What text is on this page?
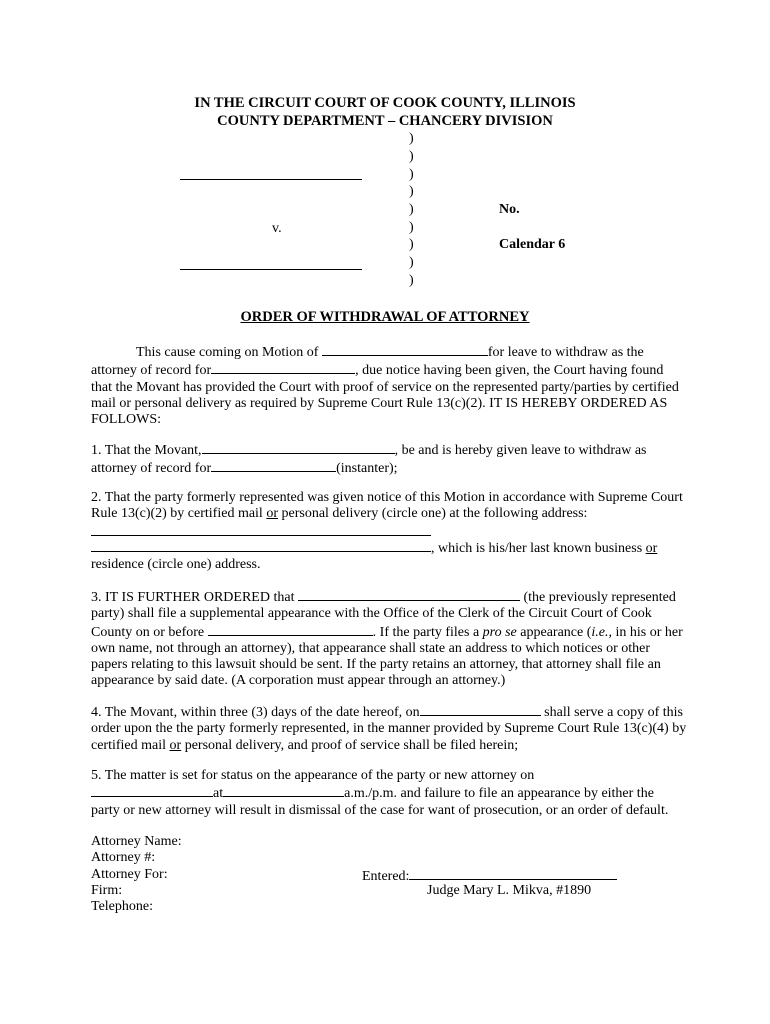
IN THE CIRCUIT COURT OF COOK COUNTY, ILLINOIS
COUNTY DEPARTMENT – CHANCERY DIVISION
)
)
)
)
)
)
)
)
)
v.
No.
Calendar 6
ORDER OF WITHDRAWAL OF ATTORNEY
This cause coming on Motion of	for leave to withdraw as the
attorney of record for	, due notice having been given, the Court having found
that the Movant has provided the Court with proof of service on the represented party/parties by certified
mail or personal delivery as required by Supreme Court Rule 13(c)(2). IT IS HEREBY ORDERED AS
FOLLOWS:
1. That the Movant,	, be and is hereby given leave to withdraw as
attorney of record for	(instanter);
2. That the party formerly represented was given notice of this Motion in accordance with Supreme Court
Rule 13(c)(2) by certified mail or personal delivery (circle one) at the following address:
, which is his/her last known business or
residence (circle one) address.
3. IT IS FURTHER ORDERED that	(the previously represented
party) shall file a supplemental appearance with the Office of the Clerk of the Circuit Court of Cook
County on or before	. If the party files a pro se appearance (i.e., in his or her
own name, not through an attorney), that appearance shall state an address to which notices or other
papers relating to this lawsuit should be sent. If the party retains an attorney, that attorney shall file an
appearance by said date. (A corporation must appear through an attorney.)
4. The Movant, within three (3) days of the date hereof, on	shall serve a copy of this
order upon the the party formerly represented, in the manner provided by Supreme Court Rule 13(c)(4) by
certified mail or personal delivery, and proof of service shall be filed herein;
5. The matter is set for status on the appearance of the party or new attorney on
at	a.m./p.m. and failure to file an appearance by either the
party or new attorney will result in dismissal of the case for want of prosecution, or an order of default.
Attorney Name:
Attorney #:
Attorney For:
Firm:
Telephone:
Entered:
Judge Mary L. Mikva, #1890
